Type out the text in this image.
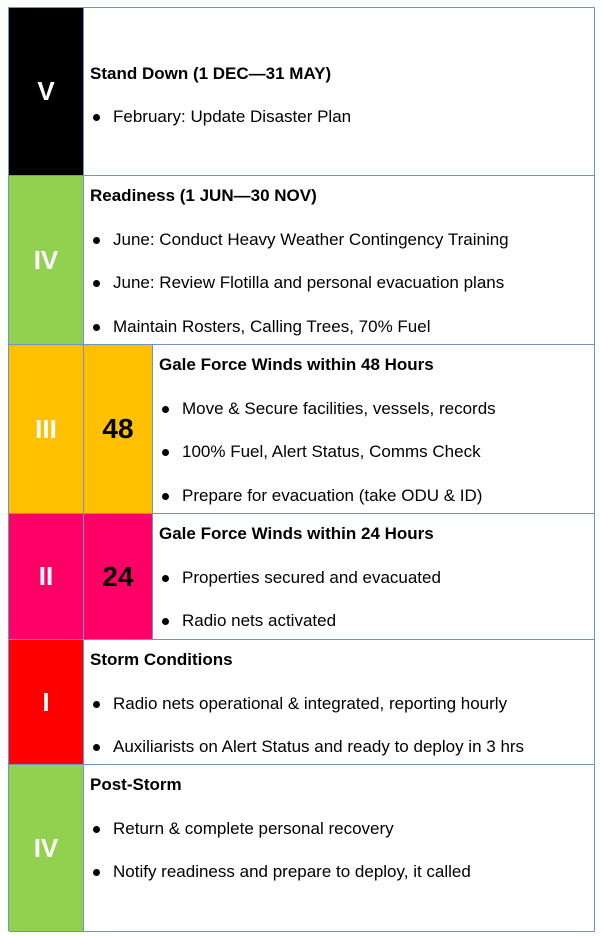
V
Stand Down (1 DEC—31 MAY)
February: Update Disaster Plan
IV
Readiness (1 JUN—30 NOV)
June: Conduct Heavy Weather Contingency Training
June: Review Flotilla and personal evacuation plans
Maintain Rosters, Calling Trees, 70% Fuel
III 48
Gale Force Winds within 48 Hours
Move & Secure facilities, vessels, records
100% Fuel, Alert Status, Comms Check
Prepare for evacuation (take ODU & ID)
II 24
Gale Force Winds within 24 Hours
Properties secured and evacuated
Radio nets activated
I
Storm Conditions
Radio nets operational & integrated, reporting hourly
Auxiliarists on Alert Status and ready to deploy in 3 hrs
IV
Post-Storm
Return & complete personal recovery
Notify readiness and prepare to deploy, it called
